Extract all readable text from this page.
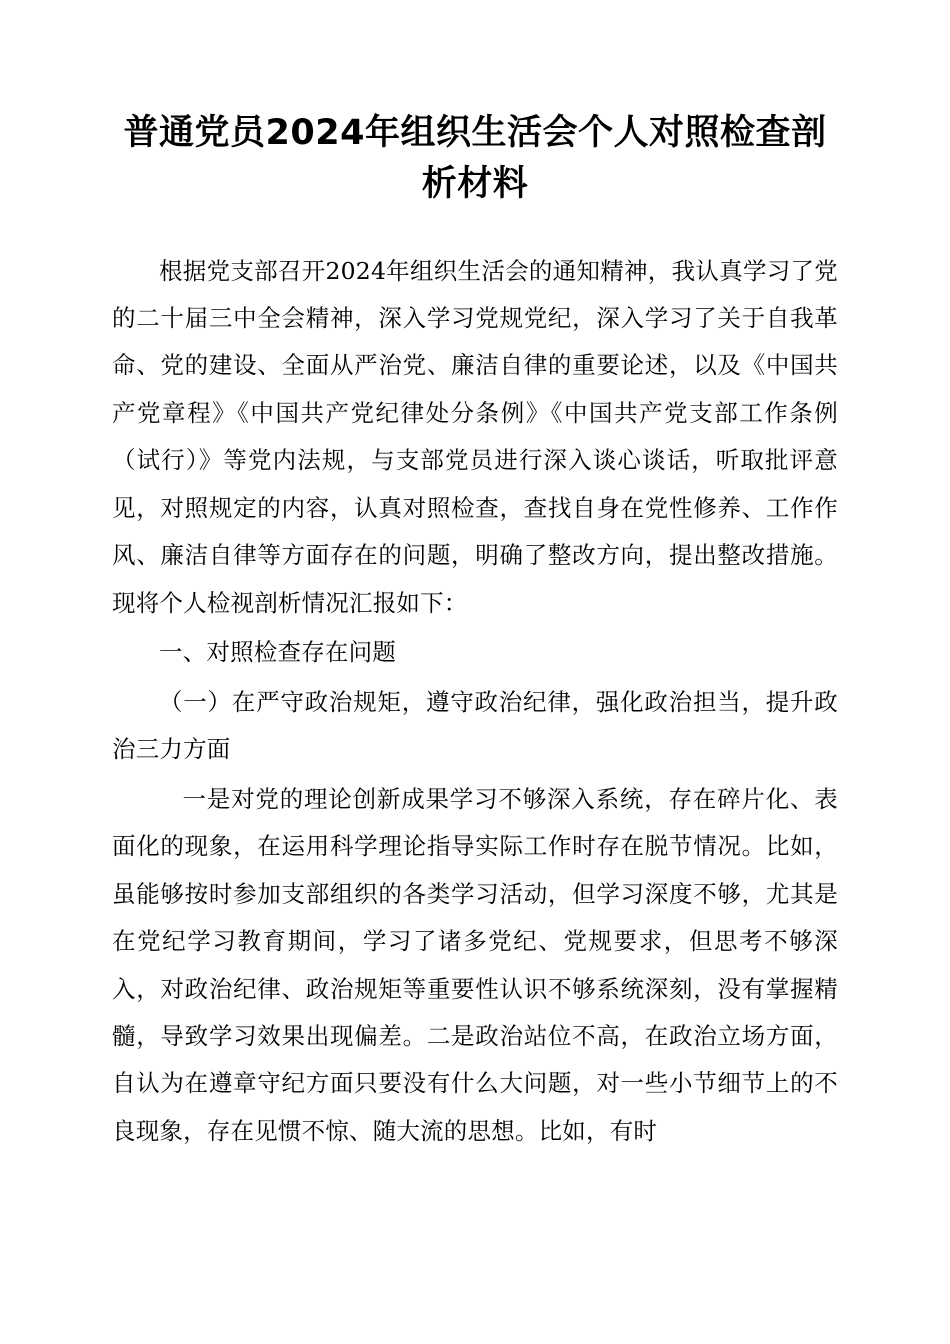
普通党员2024年组织生活会个人对照检查剖析材料

根据党支部召开2024年组织生活会的通知精神，我认真学习了党的二十届三中全会精神，深入学习党规党纪，深入学习了关于自我革命、党的建设、全面从严治党、廉洁自律的重要论述，以及《中国共产党章程》《中国共产党纪律处分条例》《中国共产党支部工作条例（试行）》等党内法规，与支部党员进行深入谈心谈话，听取批评意见，对照规定的内容，认真对照检查，查找自身在党性修养、工作作风、廉洁自律等方面存在的问题，明确了整改方向，提出整改措施。现将个人检视剖析情况汇报如下：

一、对照检查存在问题

（一）在严守政治规矩，遵守政治纪律，强化政治担当，提升政治三力方面

一是对党的理论创新成果学习不够深入系统，存在碎片化、表面化的现象，在运用科学理论指导实际工作时存在脱节情况。比如，虽能够按时参加支部组织的各类学习活动，但学习深度不够，尤其是在党纪学习教育期间，学习了诸多党纪、党规要求，但思考不够深入，对政治纪律、政治规矩等重要性认识不够系统深刻，没有掌握精髓，导致学习效果出现偏差。二是政治站位不高，在政治立场方面，自认为在遵章守纪方面只要没有什么大问题，对一些小节细节上的不良现象，存在见惯不惊、随大流的思想。比如，有时
